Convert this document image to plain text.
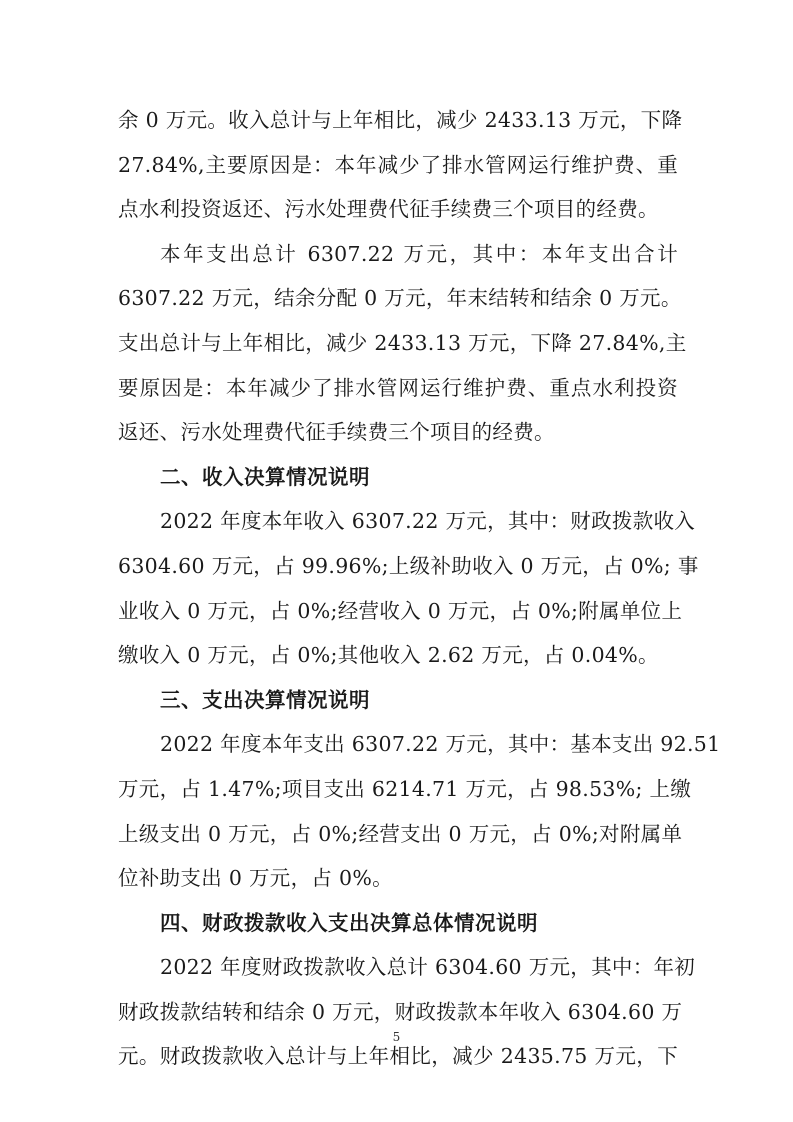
余 0 万元。收入总计与上年相比，减少 2433.13 万元，下降
27.84%,主要原因是：本年减少了排水管网运行维护费、重
点水利投资返还、污水处理费代征手续费三个项目的经费。
本年支出总计 6307.22 万元，其中：本年支出合计
6307.22 万元，结余分配 0 万元，年末结转和结余 0 万元。
支出总计与上年相比，减少 2433.13 万元，下降 27.84%,主
要原因是：本年减少了排水管网运行维护费、重点水利投资
返还、污水处理费代征手续费三个项目的经费。
二、收入决算情况说明
2022 年度本年收入 6307.22 万元，其中：财政拨款收入
6304.60 万元，占 99.96%;上级补助收入 0 万元，占 0%; 事
业收入 0 万元，占 0%;经营收入 0 万元，占 0%;附属单位上
缴收入 0 万元，占 0%;其他收入 2.62 万元，占 0.04%。
三、支出决算情况说明
2022 年度本年支出 6307.22 万元，其中：基本支出 92.51
万元，占 1.47%;项目支出 6214.71 万元，占 98.53%; 上缴
上级支出 0 万元，占 0%;经营支出 0 万元，占 0%;对附属单
位补助支出 0 万元，占 0%。
四、财政拨款收入支出决算总体情况说明
2022 年度财政拨款收入总计 6304.60 万元，其中：年初
财政拨款结转和结余 0 万元，财政拨款本年收入 6304.60 万
元。财政拨款收入总计与上年相比，减少 2435.75 万元，下
5
